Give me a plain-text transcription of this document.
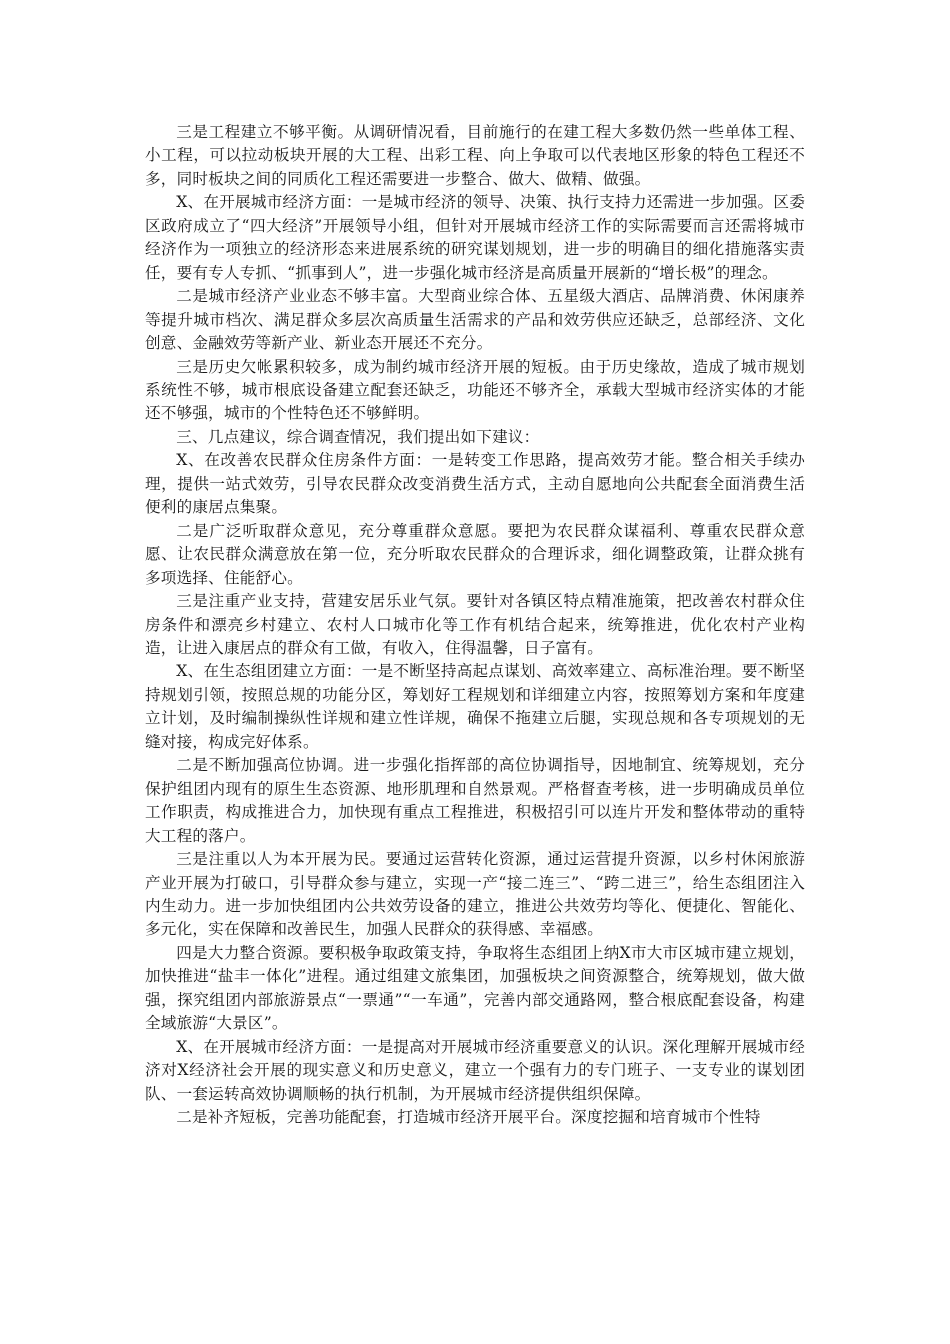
三是工程建立不够平衡。从调研情况看，目前施行的在建工程大多数仍然一些单体工程、小工程，可以拉动板块开展的大工程、出彩工程、向上争取可以代表地区形象的特色工程还不多，同时板块之间的同质化工程还需要进一步整合、做大、做精、做强。

X、在开展城市经济方面：一是城市经济的领导、决策、执行支持力还需进一步加强。区委区政府成立了“四大经济”开展领导小组，但针对开展城市经济工作的实际需要而言还需将城市经济作为一项独立的经济形态来进展系统的研究谋划规划，进一步的明确目的细化措施落实责任，要有专人专抓、“抓事到人”，进一步强化城市经济是高质量开展新的“增长极”的理念。

二是城市经济产业业态不够丰富。大型商业综合体、五星级大酒店、品牌消费、休闲康养等提升城市档次、满足群众多层次高质量生活需求的产品和效劳供应还缺乏，总部经济、文化创意、金融效劳等新产业、新业态开展还不充分。

三是历史欠帐累积较多，成为制约城市经济开展的短板。由于历史缘故，造成了城市规划系统性不够，城市根底设备建立配套还缺乏，功能还不够齐全，承载大型城市经济实体的才能还不够强，城市的个性特色还不够鲜明。

三、几点建议，综合调查情况，我们提出如下建议：

X、在改善农民群众住房条件方面：一是转变工作思路，提高效劳才能。整合相关手续办理，提供一站式效劳，引导农民群众改变消费生活方式，主动自愿地向公共配套全面消费生活便利的康居点集聚。

二是广泛听取群众意见，充分尊重群众意愿。要把为农民群众谋福利、尊重农民群众意愿、让农民群众满意放在第一位，充分听取农民群众的合理诉求，细化调整政策，让群众挑有多项选择、住能舒心。

三是注重产业支持，营建安居乐业气氛。要针对各镇区特点精准施策，把改善农村群众住房条件和漂亮乡村建立、农村人口城市化等工作有机结合起来，统筹推进，优化农村产业构造，让进入康居点的群众有工做，有收入，住得温馨，日子富有。

X、在生态组团建立方面：一是不断坚持高起点谋划、高效率建立、高标准治理。要不断坚持规划引领，按照总规的功能分区，筹划好工程规划和详细建立内容，按照筹划方案和年度建立计划，及时编制操纵性详规和建立性详规，确保不拖建立后腿，实现总规和各专项规划的无缝对接，构成完好体系。

二是不断加强高位协调。进一步强化指挥部的高位协调指导，因地制宜、统筹规划，充分保护组团内现有的原生生态资源、地形肌理和自然景观。严格督查考核，进一步明确成员单位工作职责，构成推进合力，加快现有重点工程推进，积极招引可以连片开发和整体带动的重特大工程的落户。

三是注重以人为本开展为民。要通过运营转化资源，通过运营提升资源，以乡村休闲旅游产业开展为打破口，引导群众参与建立，实现一产“接二连三”、“跨二进三”，给生态组团注入内生动力。进一步加快组团内公共效劳设备的建立，推进公共效劳均等化、便捷化、智能化、多元化，实在保障和改善民生，加强人民群众的获得感、幸福感。

四是大力整合资源。要积极争取政策支持，争取将生态组团上纳X市大市区城市建立规划，加快推进“盐丰一体化”进程。通过组建文旅集团，加强板块之间资源整合，统筹规划，做大做强，探究组团内部旅游景点“一票通”“一车通”，完善内部交通路网，整合根底配套设备，构建全域旅游“大景区”。

X、在开展城市经济方面：一是提高对开展城市经济重要意义的认识。深化理解开展城市经济对X经济社会开展的现实意义和历史意义，建立一个强有力的专门班子、一支专业的谋划团队、一套运转高效协调顺畅的执行机制，为开展城市经济提供组织保障。

二是补齐短板，完善功能配套，打造城市经济开展平台。深度挖掘和培育城市个性特
